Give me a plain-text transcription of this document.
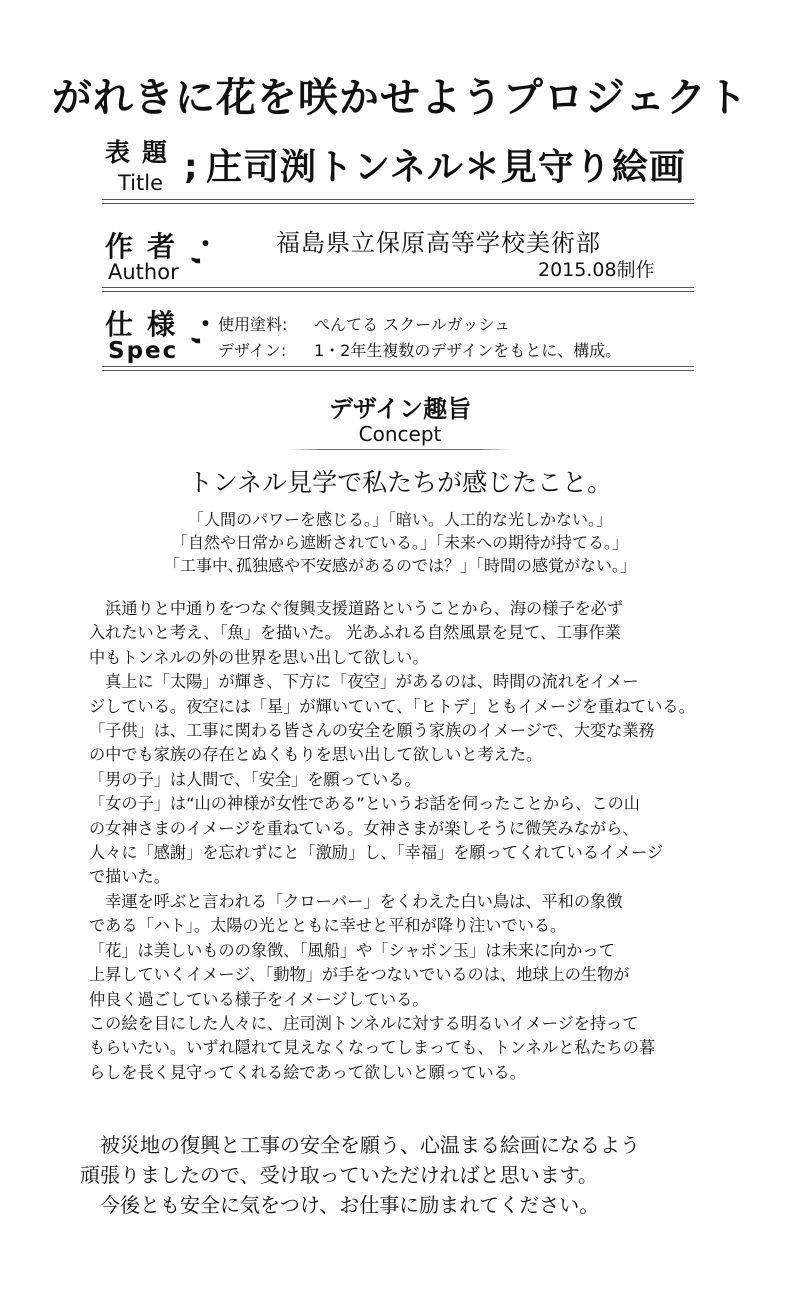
がれきに花を咲かせようプロジェクト
表題
Title ; 庄司渕トンネル＊見守り絵画
作者
Author
・, 福島県立保原高等学校美術部
2015.08制作
仕様
Spec
・, 使用塗料: ぺんてる スクールガッシュ
デザイン: 1・2年生複数のデザインをもとに、構成。
デザイン趣旨
Concept
トンネル見学で私たちが感じたこと。
「人間のパワーを感じる。」「暗い。人工的な光しかない。」
「自然や日常から遮断されている。」「未来への期待が持てる。」
「工事中､孤独感や不安感があるのでは？」「時間の感覚がない。」
　浜通りと中通りをつなぐ復興支援道路ということから、海の様子を必ず
入れたいと考え、「魚」を描いた。 光あふれる自然風景を見て、工事作業
中もトンネルの外の世界を思い出して欲しい。
　真上に「太陽」が輝き、下方に「夜空」があるのは、時間の流れをイメー
ジしている。夜空には「星」が輝いていて、「ヒトデ」ともイメージを重ねている。
「子供」は、工事に関わる皆さんの安全を願う家族のイメージで、大変な業務
の中でも家族の存在とぬくもりを思い出して欲しいと考えた。
「男の子」は人間で、「安全」を願っている。
「女の子」は“山の神様が女性である”というお話を伺ったことから、この山
の女神さまのイメージを重ねている。女神さまが楽しそうに微笑みながら、
人々に「感謝」を忘れずにと「激励」し、「幸福」を願ってくれているイメージ
で描いた。
　幸運を呼ぶと言われる「クローバー」をくわえた白い鳥は、平和の象徴
である「ハト」。太陽の光とともに幸せと平和が降り注いでいる。
「花」は美しいものの象徴、「風船」や「シャボン玉」は未来に向かって
上昇していくイメージ、「動物」が手をつないでいるのは、地球上の生物が
仲良く過ごしている様子をイメージしている。
この絵を目にした人々に、庄司渕トンネルに対する明るいイメージを持って
もらいたい。いずれ隠れて見えなくなってしまっても、トンネルと私たちの暮
らしを長く見守ってくれる絵であって欲しいと願っている。
　被災地の復興と工事の安全を願う、心温まる絵画になるよう
頑張りましたので、受け取っていただければと思います。
　今後とも安全に気をつけ、お仕事に励まれてください。
